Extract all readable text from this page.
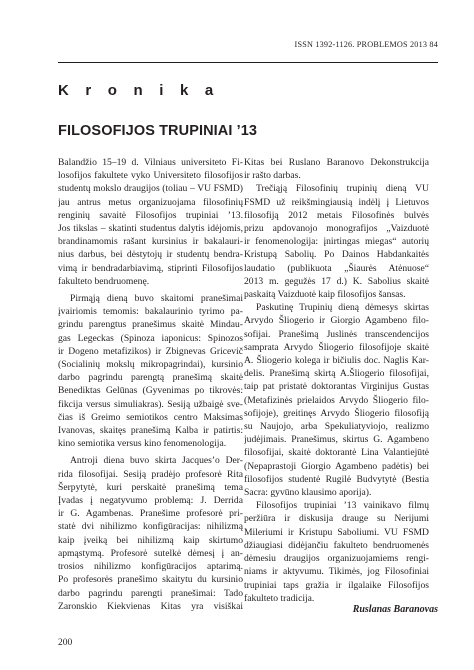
ISSN 1392-1126. PROBLEMOS 2013 84
K r o n i k a
FILOSOFIJOS TRUPINIAI ’13
Balandžio 15–19 d. Vilniaus universiteto Fi-
losofijos fakultete vyko Universiteto filosofijos
studentų mokslo draugijos (toliau – VU FSMD)
jau antrus metus organizuojama filosofinių
renginių savaitė Filosofijos trupiniai ’13.
Jos tikslas – skatinti studentus dalytis idėjomis,
brandinamomis rašant kursinius ir bakalauri-
nius darbus, bei dėstytojų ir studentų bendra-
vimą ir bendradarbiavimą, stiprinti Filosofijos
fakulteto bendruomenę.
Pirmąją dieną buvo skaitomi pranešimai
įvairiomis temomis: bakalaurinio tyrimo pa-
grindu parengtus pranešimus skaitė Mindau-
gas Legeckas (Spinoza iaponicus: Spinozos
ir Dogeno metafizikos) ir Zbignevas Gricevič
(Socialinių mokslų mikropagrindai), kursinio
darbo pagrindu parengtą pranešimą skaitė
Benediktas Gelūnas (Gyvenimas po tikrovės:
fikcija versus simuliakras). Sesiją užbaigė sve-
čias iš Greimo semiotikos centro Maksimas
Ivanovas, skaitęs pranešimą Kalba ir patirtis:
kino semiotika versus kino fenomenologija.
Antroji diena buvo skirta Jacques’o Der-
rida filosofijai. Sesiją pradėjo profesorė Rita
Šerpytytė, kuri perskaitė pranešimą tema
Įvadas į negatyvumo problemą: J. Derrida
ir G. Agambenas. Pranešime profesorė pri-
statė dvi nihilizmo konfigūracijas: nihilizmą
kaip įveiką bei nihilizmą kaip skirtumo
apmąstymą. Profesorė sutelkė dėmesį į an-
trosios nihilizmo konfigūracijos aptarimą.
Po profesorės pranešimo skaitytu du kursinio
darbo pagrindu parengti pranešimai: Tado
Zaronskio Kiekvienas Kitas yra visiškai
Kitas bei Ruslano Baranovo Dekonstrukcija
ir rašto darbas.
Trečiąją Filosofinių trupinių dieną VU
FSMD už reikšmingiausią indėlį į Lietuvos
filosofiją 2012 metais Filosofinės bulvės
prizu apdovanojo monografijos „Vaizduotė
ir fenomenologija: įnirtingas miegas“ autorių
Kristupą Sabolių. Po Dainos Habdankaitės
laudatio (publikuota „Šiaurės Atėnuose“
2013 m. gegužės 17 d.) K. Sabolius skaitė
paskaitą Vaizduotė kaip filosofijos šansas.
Paskutinę Trupinių dieną dėmesys skirtas
Arvydo Šliogerio ir Giorgio Agambeno filo-
sofijai. Pranešimą Juslinės transcendencijos
samprata Arvydo Šliogerio filosofijoje skaitė
A. Šliogerio kolega ir bičiulis doc. Naglis Kar-
delis. Pranešimą skirtą A.Šliogerio filosofijai,
taip pat pristatė doktorantas Virginijus Gustas
(Metafizinės prielaidos Arvydo Šliogerio filo-
sofijoje), greitinęs Arvydo Šliogerio filosofiją
su Naujojo, arba Spekuliatyviojo, realizmo
judėjimais. Pranešimus, skirtus G. Agambeno
filosofijai, skaitė doktorantė Lina Valantiejūtė
(Nepaprastoji Giorgio Agambeno padėtis) bei
filosofijos studentė Rugilė Budvytytė (Bestia
Sacra: gyvūno klausimo aporija).
Filosofijos trupiniai ’13 vainikavo filmų
peržiūra ir diskusija drauge su Nerijumi
Mileriumi ir Kristupu Saboliumi. VU FSMD
džiaugiasi didėjančiu fakulteto bendruomenės
dėmesiu draugijos organizuojamiems rengi-
niams ir aktyvumu. Tikimės, jog Filosofiniai
trupiniai taps gražia ir ilgalaike Filosofijos
fakulteto tradicija.
Ruslanas Baranovas
200
